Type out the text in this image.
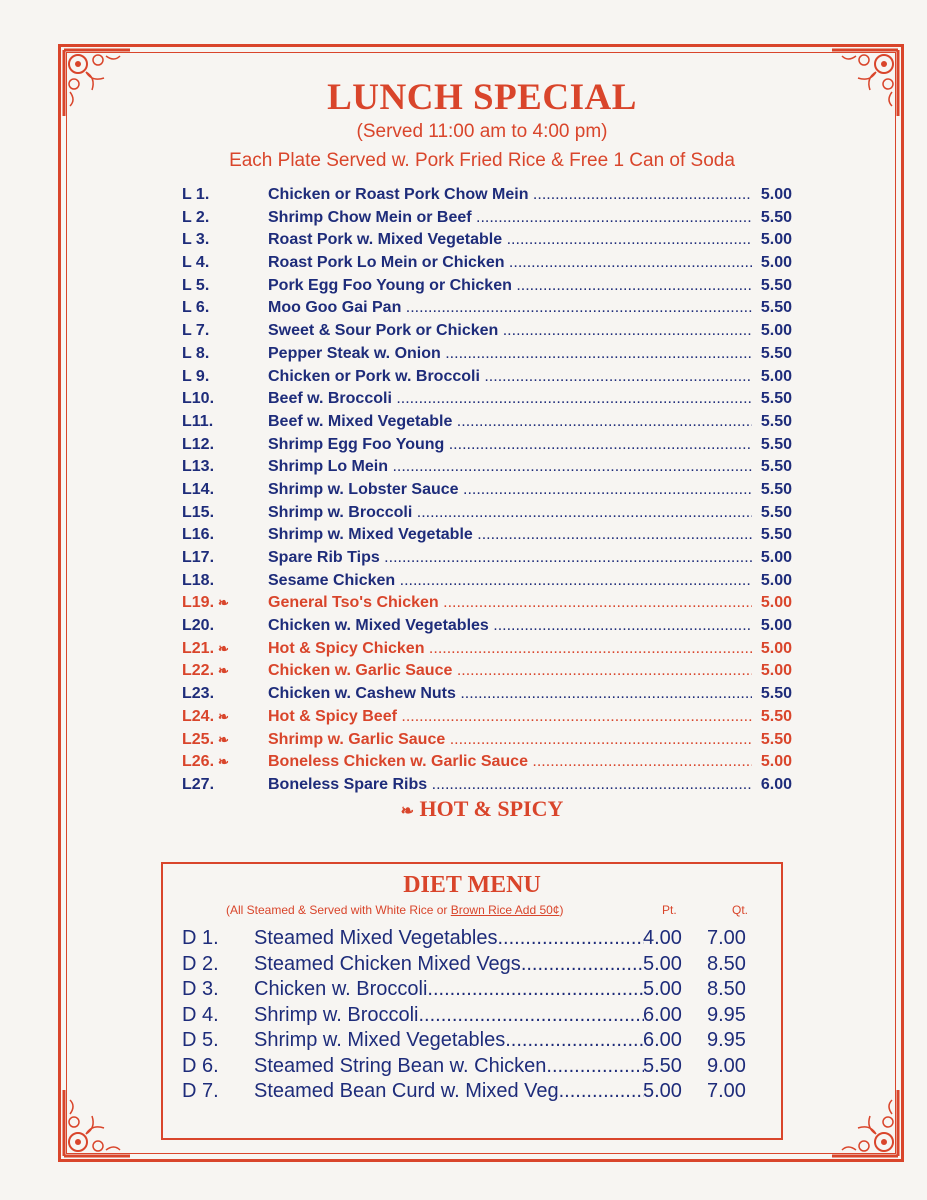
LUNCH SPECIAL
(Served 11:00 am to 4:00 pm)
Each Plate Served w. Pork Fried Rice & Free 1 Can of Soda
L 1.	Chicken or Roast Pork Chow Mein .....	5.00
L 2.	Shrimp Chow Mein or Beef .....	5.50
L 3.	Roast Pork w. Mixed Vegetable .....	5.00
L 4.	Roast Pork Lo Mein or Chicken .....	5.00
L 5.	Pork Egg Foo Young or Chicken .....	5.50
L 6.	Moo Goo Gai Pan .....	5.50
L 7.	Sweet & Sour Pork or Chicken .....	5.00
L 8.	Pepper Steak w. Onion .....	5.50
L 9.	Chicken or Pork w. Broccoli .....	5.00
L10.	Beef w. Broccoli .....	5.50
L11.	Beef w. Mixed Vegetable .....	5.50
L12.	Shrimp Egg Foo Young .....	5.50
L13.	Shrimp Lo Mein .....	5.50
L14.	Shrimp w. Lobster Sauce .....	5.50
L15.	Shrimp w. Broccoli .....	5.50
L16.	Shrimp w. Mixed Vegetable .....	5.50
L17.	Spare Rib Tips .....	5.00
L18.	Sesame Chicken .....	5.00
L19. ❧ General Tso's Chicken .....	5.00
L20.	Chicken w. Mixed Vegetables .....	5.00
L21. ❧ Hot & Spicy Chicken .....	5.00
L22. ❧ Chicken w. Garlic Sauce .....	5.00
L23.	Chicken w. Cashew Nuts .....	5.50
L24. ❧ Hot & Spicy Beef .....	5.50
L25. ❧ Shrimp w. Garlic Sauce .....	5.50
L26. ❧ Boneless Chicken w. Garlic Sauce .....	5.00
L27.	Boneless Spare Ribs .....	6.00
❧ HOT & SPICY
DIET MENU
(All Steamed & Served with White Rice or Brown Rice Add 50¢)	Pt.	Qt.
D 1. Steamed Mixed Vegetables .....	4.00 7.00
D 2. Steamed Chicken Mixed Vegs .....	5.00 8.50
D 3. Chicken w. Broccoli .....	5.00 8.50
D 4. Shrimp w. Broccoli .....	6.00 9.95
D 5. Shrimp w. Mixed Vegetables .....	6.00 9.95
D 6. Steamed String Bean w. Chicken .....	5.50 9.00
D 7. Steamed Bean Curd w. Mixed Veg .....	5.00 7.00
